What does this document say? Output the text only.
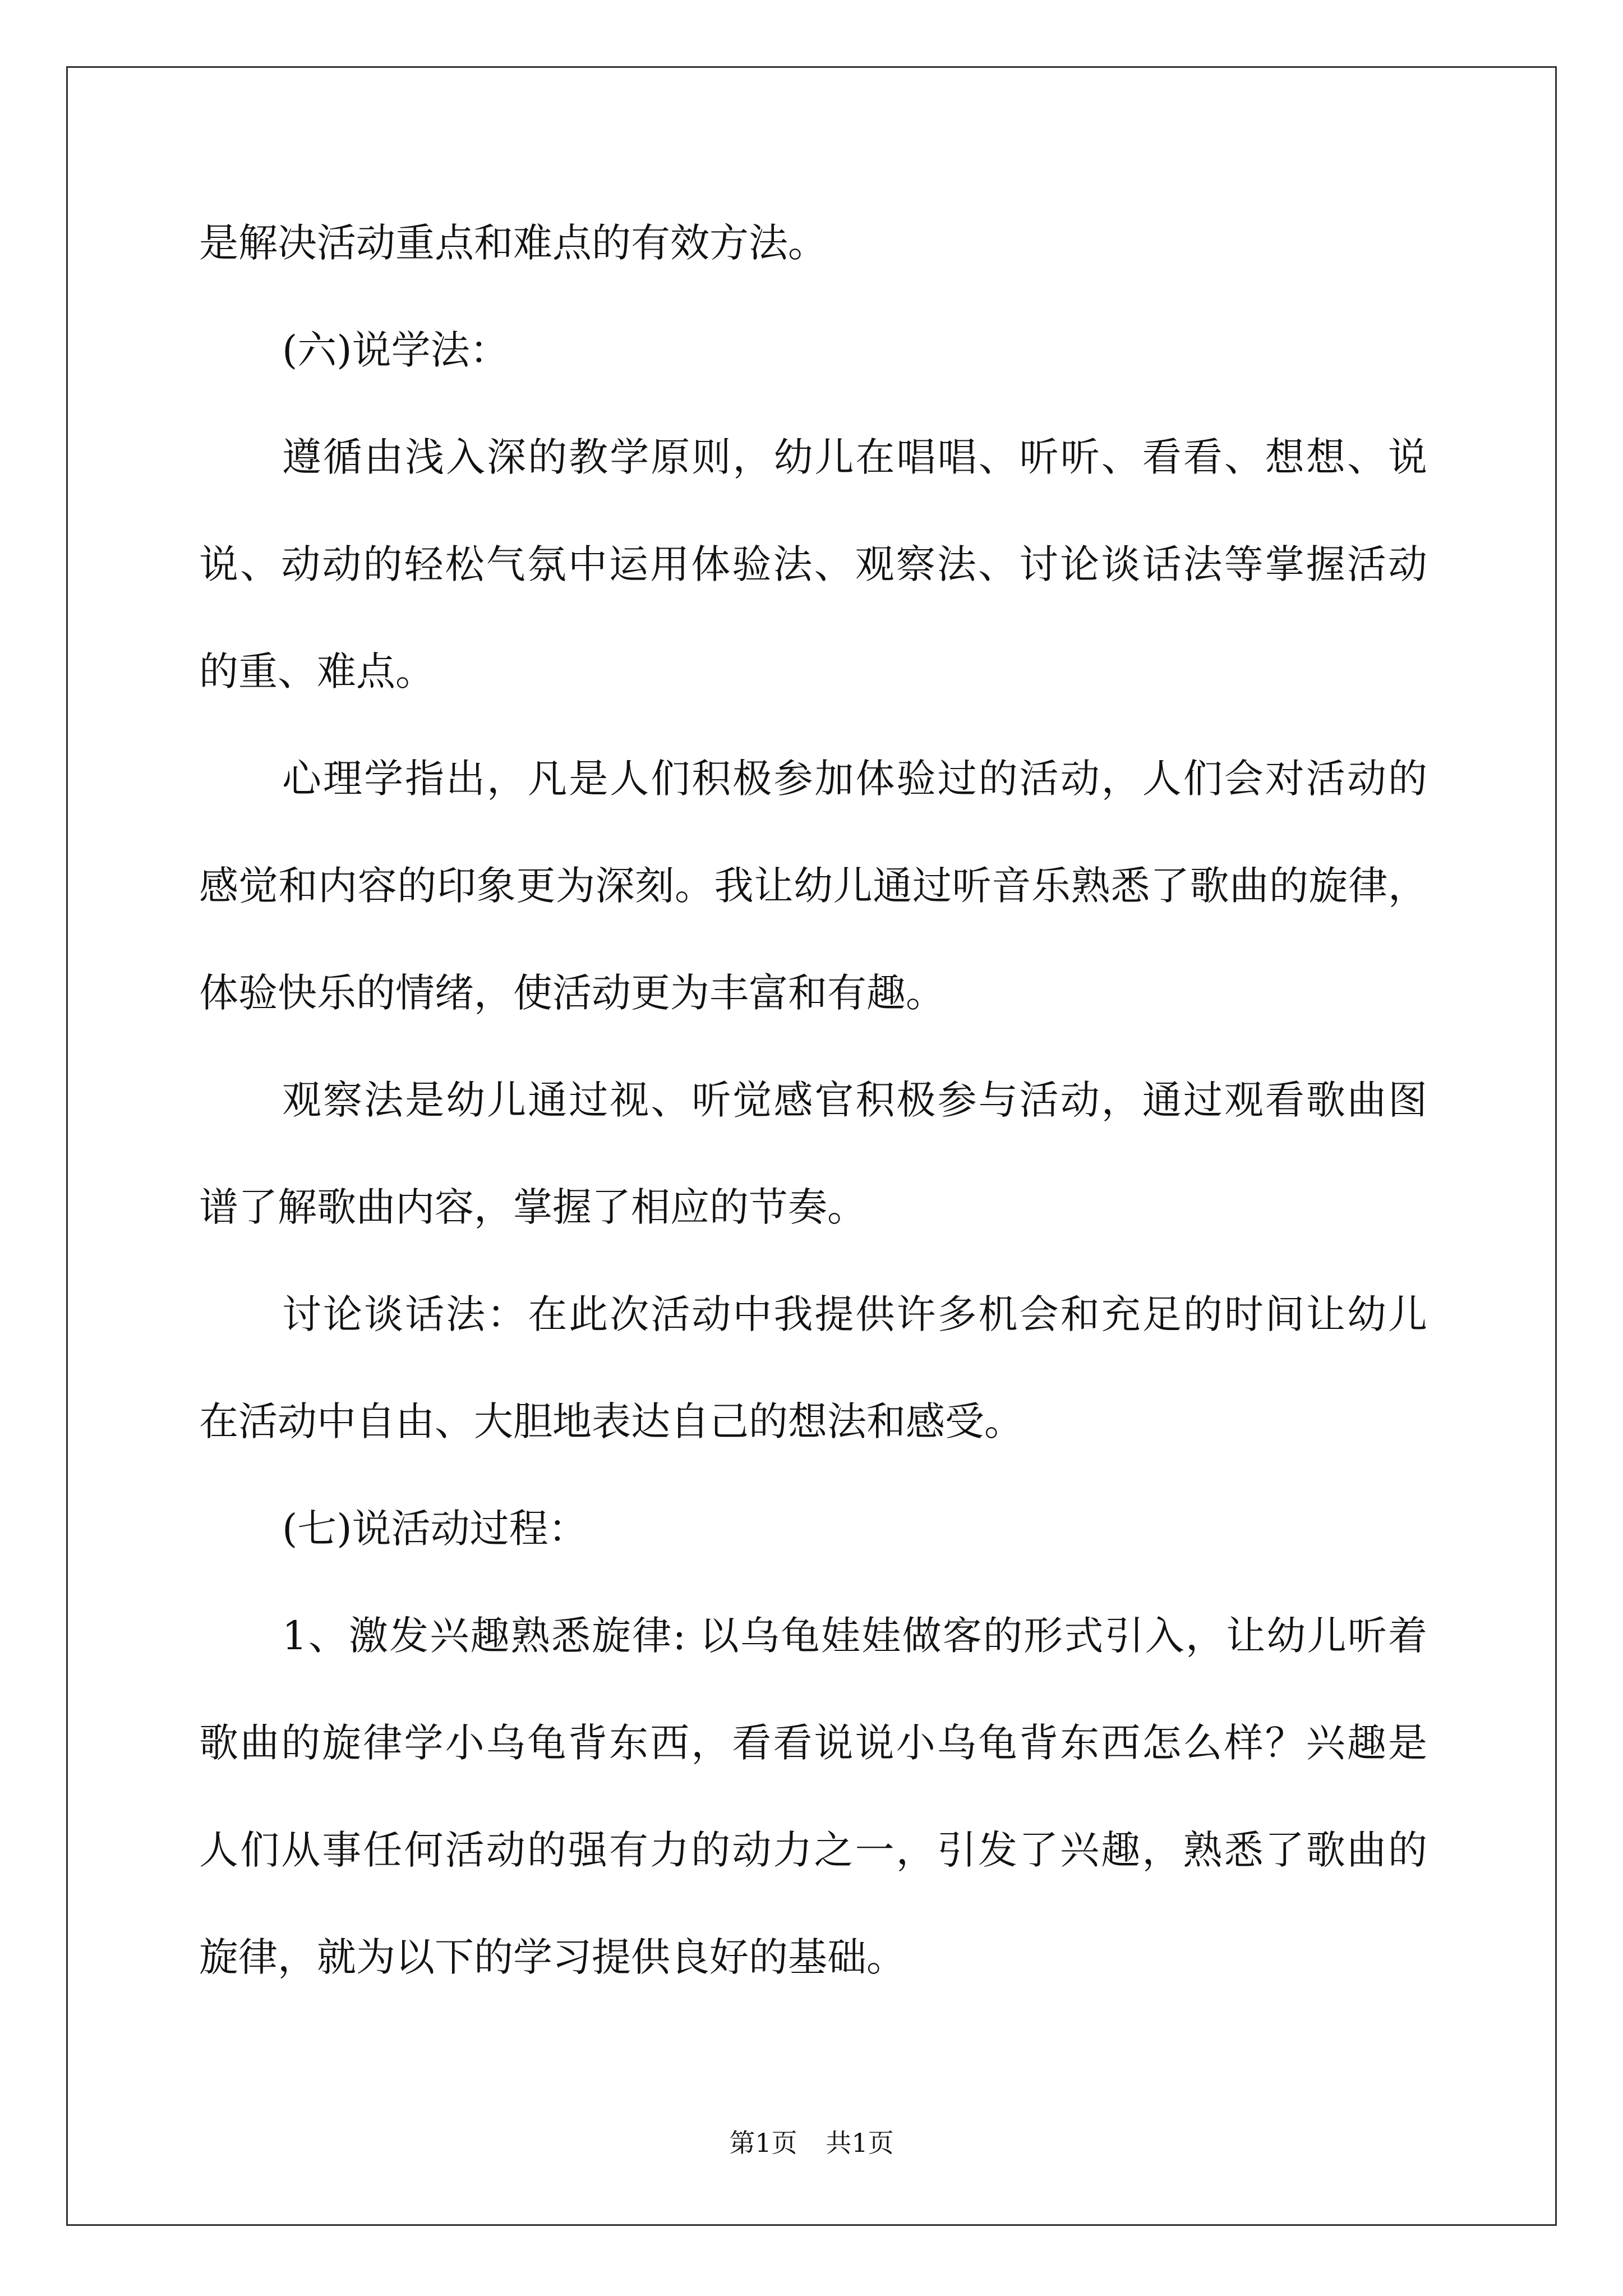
是解决活动重点和难点的有效方法。
(六)说学法：
遵循由浅入深的教学原则，幼儿在唱唱、听听、看看、想想、说
说、动动的轻松气氛中运用体验法、观察法、讨论谈话法等掌握活动
的重、难点。
心理学指出，凡是人们积极参加体验过的活动，人们会对活动的
感觉和内容的印象更为深刻。我让幼儿通过听音乐熟悉了歌曲的旋律，
体验快乐的情绪，使活动更为丰富和有趣。
观察法是幼儿通过视、听觉感官积极参与活动，通过观看歌曲图
谱了解歌曲内容，掌握了相应的节奏。
讨论谈话法：在此次活动中我提供许多机会和充足的时间让幼儿
在活动中自由、大胆地表达自己的想法和感受。
(七)说活动过程：
1、激发兴趣熟悉旋律: 以乌龟娃娃做客的形式引入，让幼儿听着
歌曲的旋律学小乌龟背东西，看看说说小乌龟背东西怎么样？兴趣是
人们从事任何活动的强有力的动力之一，引发了兴趣，熟悉了歌曲的
旋律，就为以下的学习提供良好的基础。
第1页 共1页
